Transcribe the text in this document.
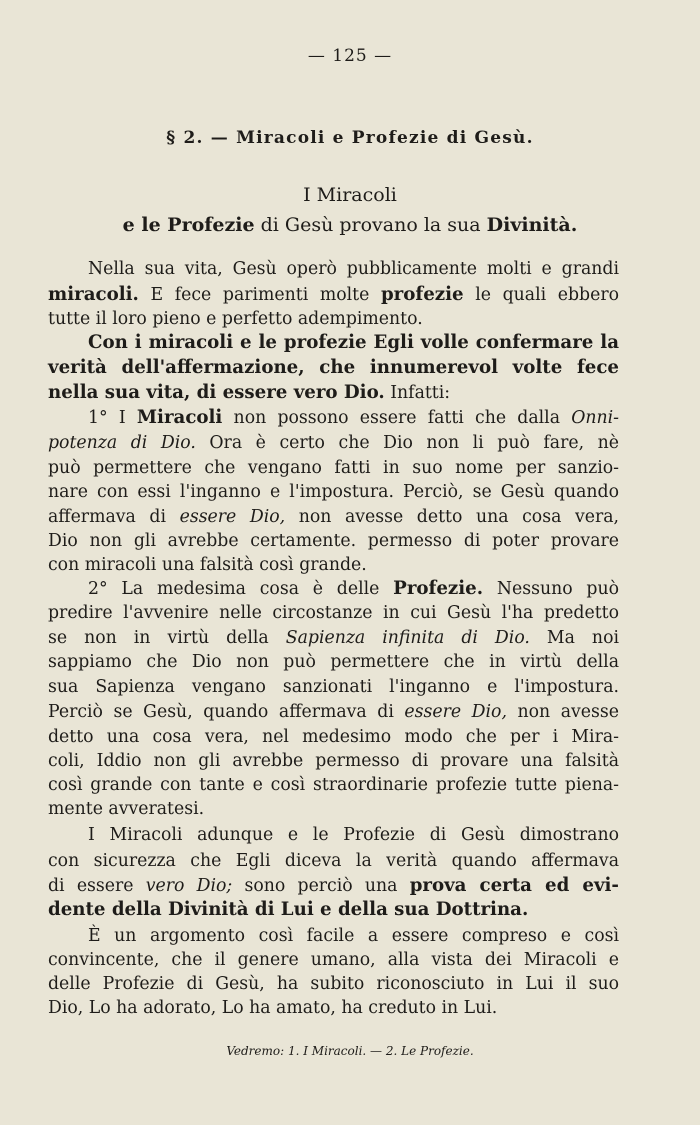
— 125 —
§ 2. — Miracoli e Profezie di Gesù.
I Miracoli
e le Profezie di Gesù provano la sua Divinità.
Nella sua vita, Gesù operò pubblicamente molti e grandi
miracoli. E fece parimenti molte profezie le quali ebbero
tutte il loro pieno e perfetto adempimento.
Con i miracoli e le profezie Egli volle confermare la
verità dell'affermazione, che innumerevol volte fece
nella sua vita, di essere vero Dio. Infatti:
1° I Miracoli non possono essere fatti che dalla Onni-
potenza di Dio. Ora è certo che Dio non li può fare, nè
può permettere che vengano fatti in suo nome per sanzio-
nare con essi l'inganno e l'impostura. Perciò, se Gesù quando
affermava di essere Dio, non avesse detto una cosa vera,
Dio non gli avrebbe certamente. permesso di poter provare
con miracoli una falsità così grande.
2° La medesima cosa è delle Profezie. Nessuno può
predire l'avvenire nelle circostanze in cui Gesù l'ha predetto
se non in virtù della Sapienza infinita di Dio. Ma noi
sappiamo che Dio non può permettere che in virtù della
sua Sapienza vengano sanzionati l'inganno e l'impostura.
Perciò se Gesù, quando affermava di essere Dio, non avesse
detto una cosa vera, nel medesimo modo che per i Mira-
coli, Iddio non gli avrebbe permesso di provare una falsità
così grande con tante e così straordinarie profezie tutte piena-
mente avveratesi.
I Miracoli adunque e le Profezie di Gesù dimostrano
con sicurezza che Egli diceva la verità quando affermava
di essere vero Dio; sono perciò una prova certa ed evi-
dente della Divinità di Lui e della sua Dottrina.
È un argomento così facile a essere compreso e così
convincente, che il genere umano, alla vista dei Miracoli e
delle Profezie di Gesù, ha subito riconosciuto in Lui il suo
Dio, Lo ha adorato, Lo ha amato, ha creduto in Lui.
Vedremo: 1. I Miracoli. — 2. Le Profezie.
